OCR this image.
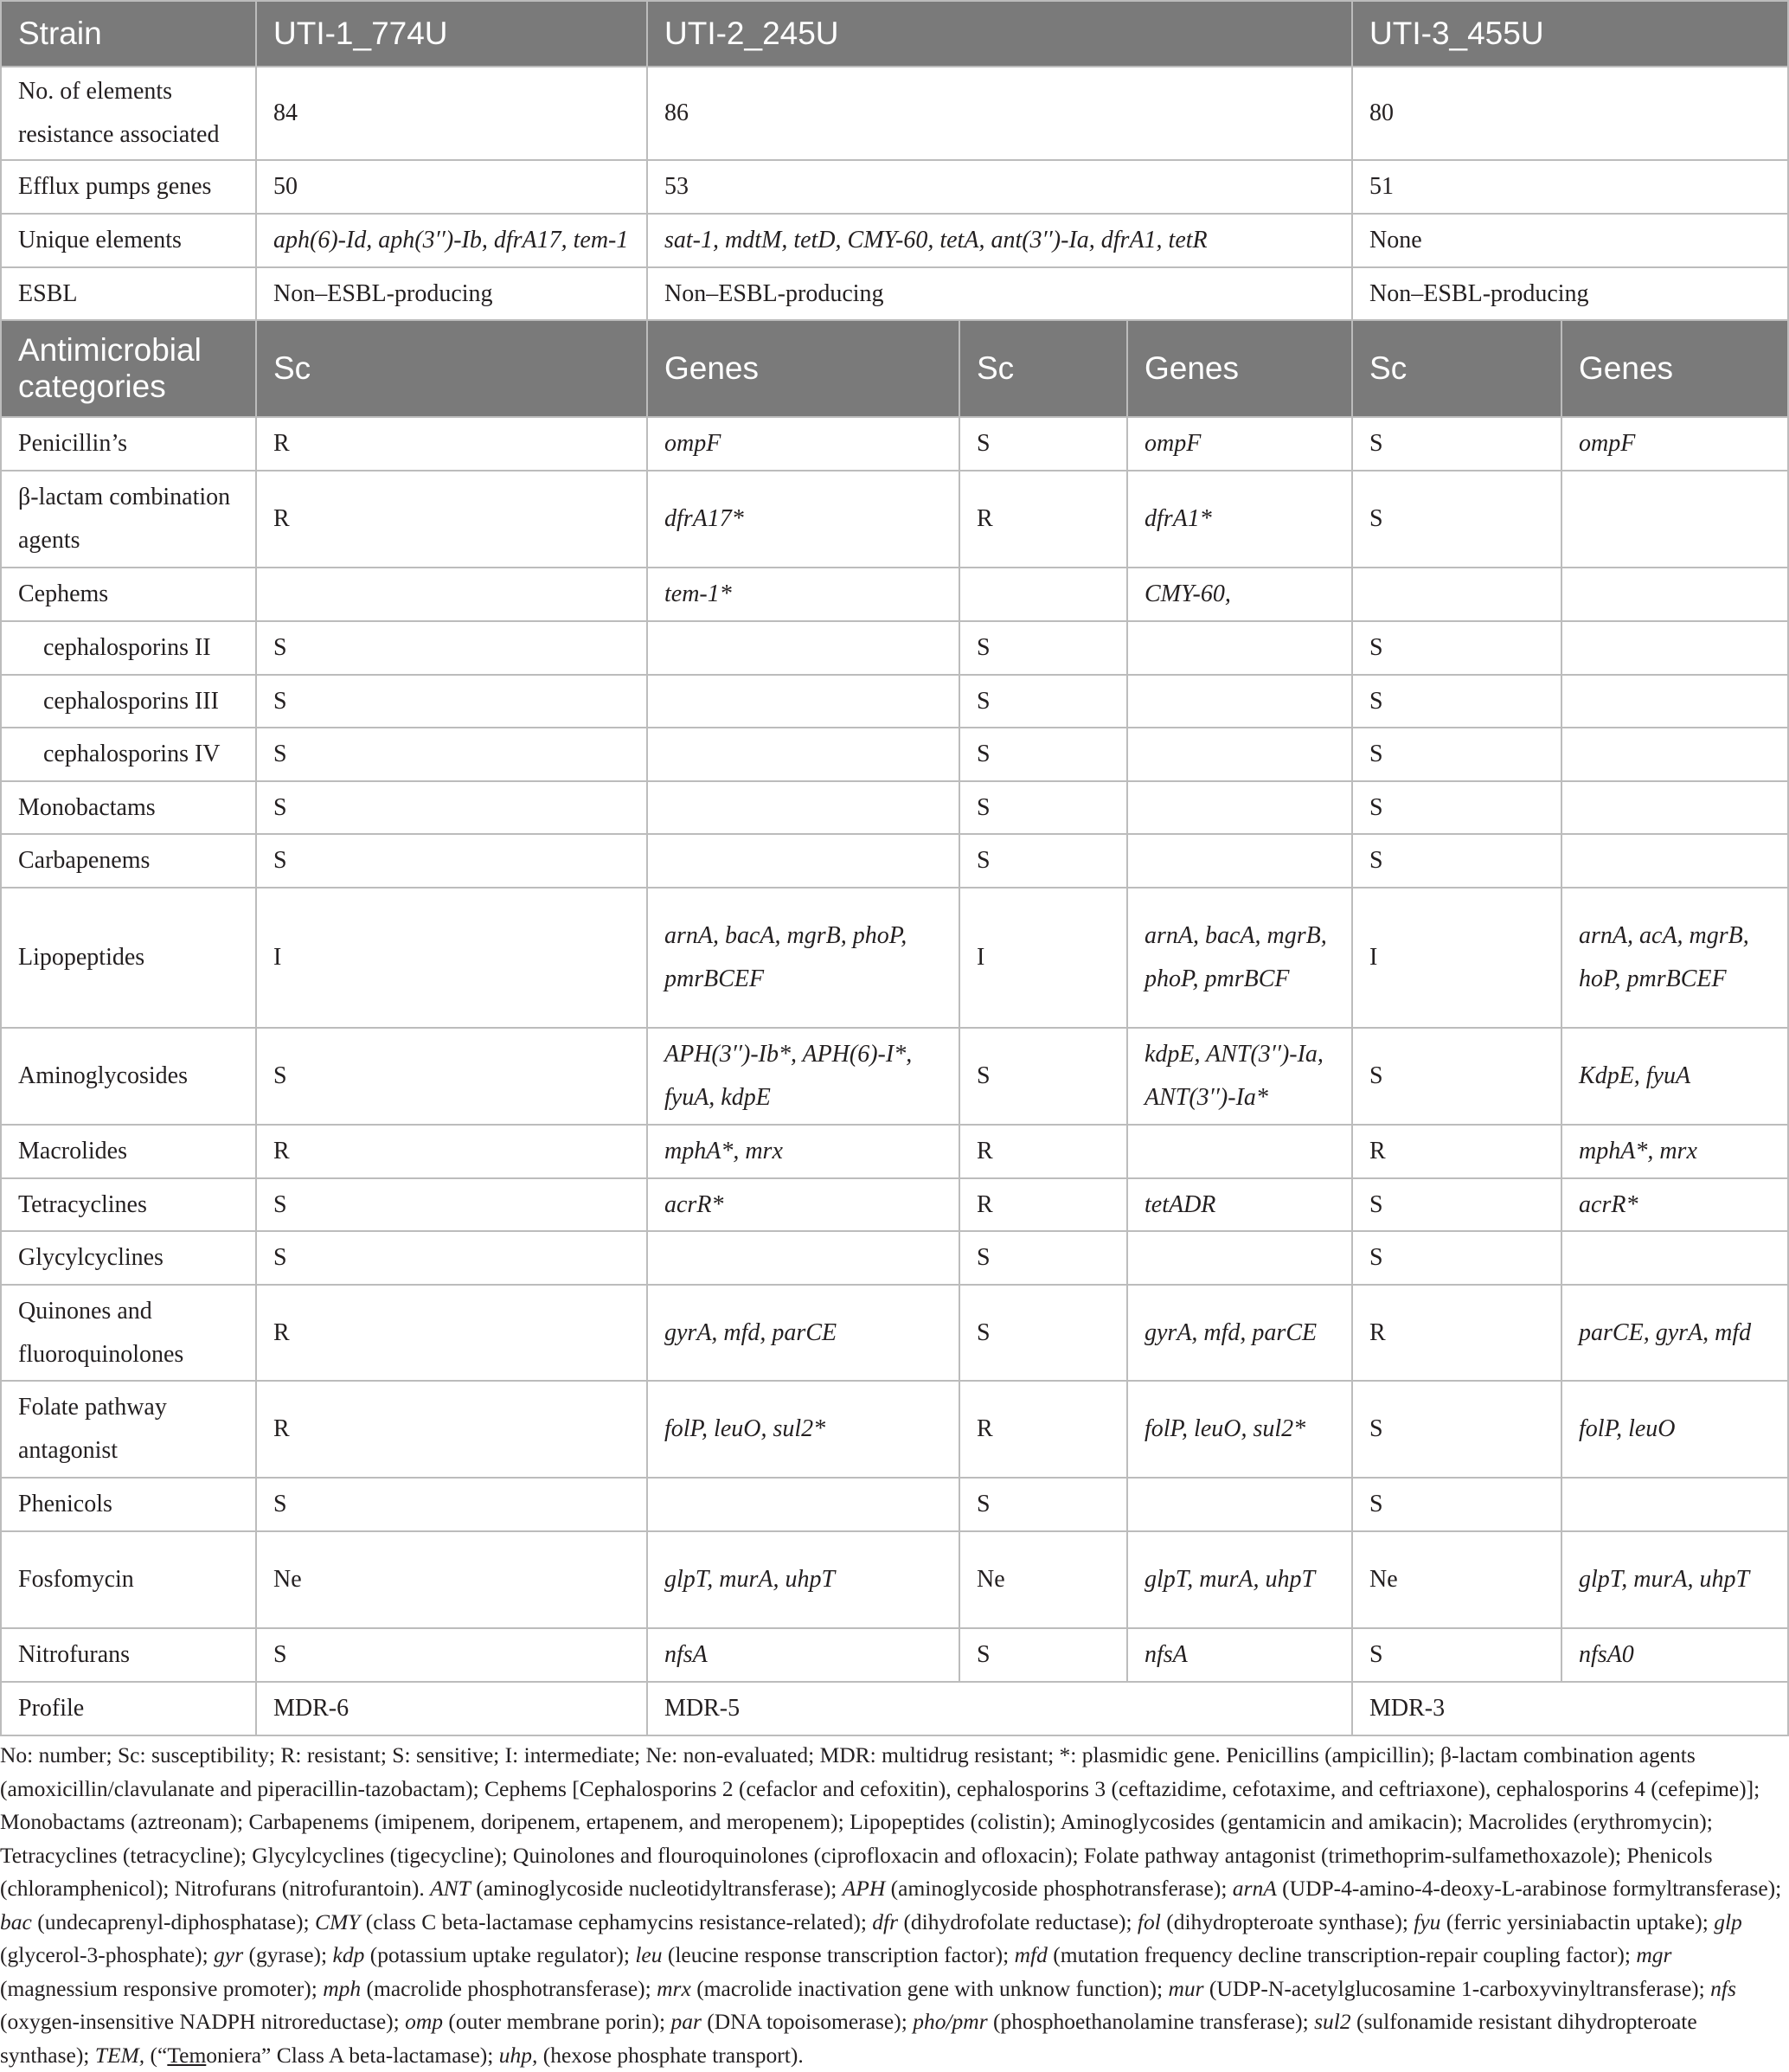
Strain	UTI-1_774U	UTI-2_245U			UTI-3_455U	
No. of elements resistance associated	84	86			80	
Efflux pumps genes	50	53			51	
Unique elements	aph(6)-Id, aph(3′′)-Ib, dfrA17, tem-1	sat-1, mdtM, tetD, CMY-60, tetA, ant(3′′)-Ia, dfrA1, tetR			None	
ESBL	Non–ESBL-producing	Non–ESBL-producing			Non–ESBL-producing	
Antimicrobial categories	Sc	Genes	Sc	Genes	Sc	Genes
Penicillin’s	R	ompF	S	ompF	S	ompF
β-lactam combination agents	R	dfrA17*	R	dfrA1*	S	
Cephems		tem-1*		CMY-60,		
cephalosporins II	S		S		S	
cephalosporins III	S		S		S	
cephalosporins IV	S		S		S	
Monobactams	S		S		S	
Carbapenems	S		S		S	
Lipopeptides	I	arnA, bacA, mgrB, phoP, pmrBCEF	I	arnA, bacA, mgrB, phoP, pmrBCF	I	arnA, acA, mgrB, hoP, pmrBCEF
Aminoglycosides	S	APH(3′′)-Ib*, APH(6)-I*, fyuA, kdpE	S	kdpE, ANT(3′′)-Ia, ANT(3′′)-Ia*	S	KdpE, fyuA
Macrolides	R	mphA*, mrx	R		R	mphA*, mrx
Tetracyclines	S	acrR*	R	tetADR	S	acrR*
Glycylcyclines	S		S		S	
Quinones and fluoroquinolones	R	gyrA, mfd, parCE	S	gyrA, mfd, parCE	R	parCE, gyrA, mfd
Folate pathway antagonist	R	folP, leuO, sul2*	R	folP, leuO, sul2*	S	folP, leuO
Phenicols	S		S		S	
Fosfomycin	Ne	glpT, murA, uhpT	Ne	glpT, murA, uhpT	Ne	glpT, murA, uhpT
Nitrofurans	S	nfsA	S	nfsA	S	nfsA0
Profile	MDR-6	MDR-5			MDR-3	
No: number; Sc: susceptibility; R: resistant; S: sensitive; I: intermediate; Ne: non-evaluated; MDR: multidrug resistant; *: plasmidic gene. Penicillins (ampicillin); β-lactam combination agents (amoxicillin/clavulanate and piperacillin-tazobactam); Cephems [Cephalosporins 2 (cefaclor and cefoxitin), cephalosporins 3 (ceftazidime, cefotaxime, and ceftriaxone), cephalosporins 4 (cefepime)]; Monobactams (aztreonam); Carbapenems (imipenem, doripenem, ertapenem, and meropenem); Lipopeptides (colistin); Aminoglycosides (gentamicin and amikacin); Macrolides (erythromycin); Tetracyclines (tetracycline); Glycylcyclines (tigecycline); Quinolones and flouroquinolones (ciprofloxacin and ofloxacin); Folate pathway antagonist (trimethoprim-sulfamethoxazole); Phenicols (chloramphenicol); Nitrofurans (nitrofurantoin). ANT (aminoglycoside nucleotidyltransferase); APH (aminoglycoside phosphotransferase); arnA (UDP-4-amino-4-deoxy-L-arabinose formyltransferase); bac (undecaprenyl-diphosphatase); CMY (class C beta-lactamase cephamycins resistance-related); dfr (dihydrofolate reductase); fol (dihydropteroate synthase); fyu (ferric yersiniabactin uptake); glp (glycerol-3-phosphate); gyr (gyrase); kdp (potassium uptake regulator); leu (leucine response transcription factor); mfd (mutation frequency decline transcription-repair coupling factor); mgr (magnessium responsive promoter); mph (macrolide phosphotransferase); mrx (macrolide inactivation gene with unknow function); mur (UDP-N-acetylglucosamine 1-carboxyvinyltransferase); nfs (oxygen-insensitive NADPH nitroreductase); omp (outer membrane porin); par (DNA topoisomerase); pho/pmr (phosphoethanolamine transferase); sul2 (sulfonamide resistant dihydropteroate synthase); TEM, (“Temoniera” Class A beta-lactamase); uhp, (hexose phosphate transport).
